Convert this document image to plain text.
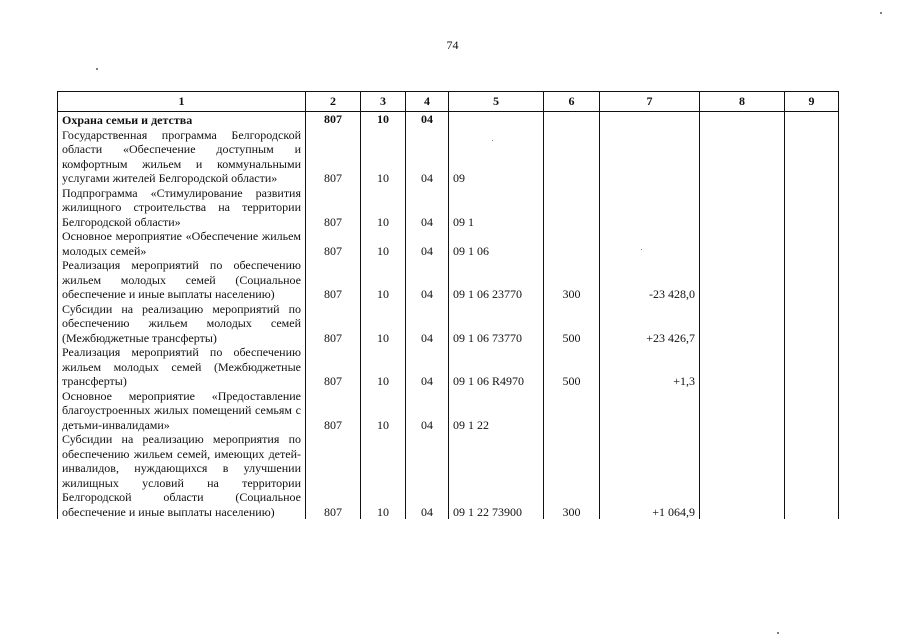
74
1	2	3	4	5	6	7	8	9
Охрана семьи и детства	807	10	04					
Государственная программа Белгородской области «Обеспечение доступным и комфортным жильем и коммунальными услугами жителей Белгородской области»	807	10	04	09				
Подпрограмма «Стимулирование развития жилищного строительства на территории Белгородской области»	807	10	04	09 1				
Основное мероприятие «Обеспечение жильем молодых семей»	807	10	04	09 1 06				
Реализация мероприятий по обеспечению жильем молодых семей (Социальное обеспечение и иные выплаты населению)	807	10	04	09 1 06 23770	300	-23 428,0		
Субсидии на реализацию мероприятий по обеспечению жильем молодых семей (Межбюджетные трансферты)	807	10	04	09 1 06 73770	500	+23 426,7		
Реализация мероприятий по обеспечению жильем молодых семей (Межбюджетные трансферты)	807	10	04	09 1 06 R4970	500	+1,3		
Основное мероприятие «Предоставление благоустроенных жилых помещений семьям с детьми-инвалидами»	807	10	04	09 1 22				
Субсидии на реализацию мероприятия по обеспечению жильем семей, имеющих детей-инвалидов, нуждающихся в улучшении жилищных условий на территории Белгородской области (Социальное обеспечение и иные выплаты населению)	807	10	04	09 1 22 73900	300	+1 064,9		
